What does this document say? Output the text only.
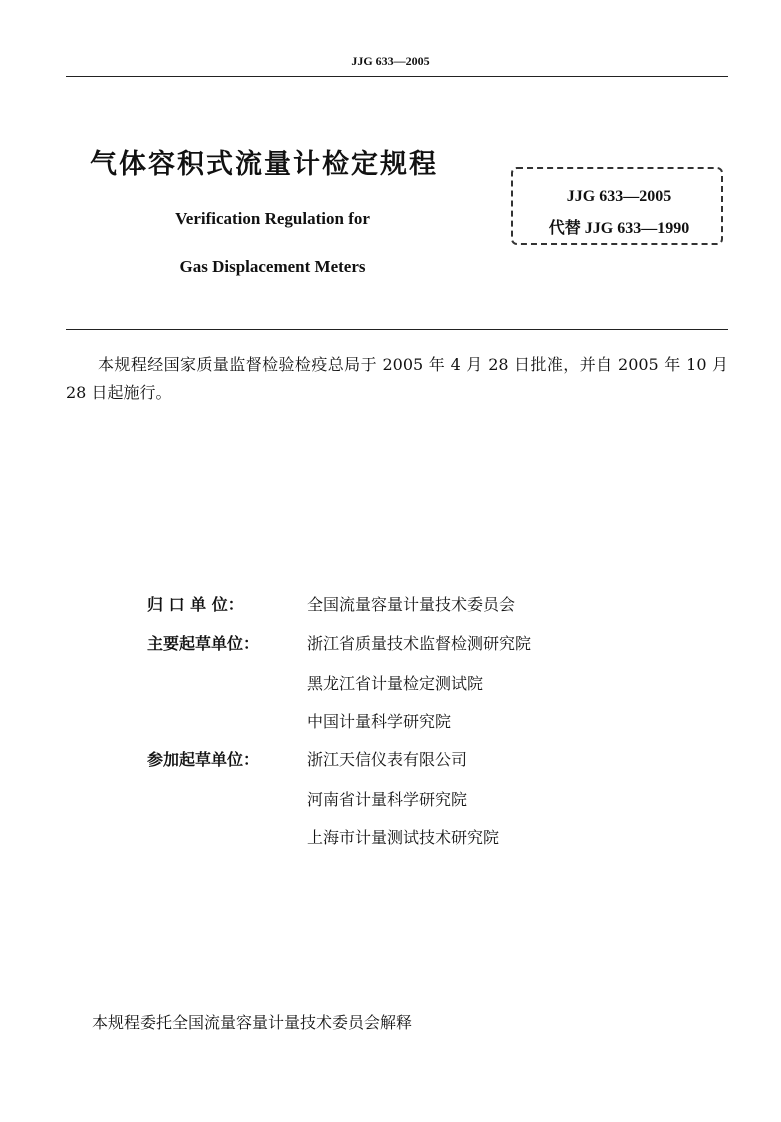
JJG 633—2005
气体容积式流量计检定规程
Verification Regulation for
Gas Displacement Meters
JJG 633—2005
代替 JJG 633—1990
本规程经国家质量监督检验检疫总局于 2005 年 4 月 28 日批准，并自 2005 年 10 月 28 日起施行。
归 口 单 位：	全国流量容量计量技术委员会
主要起草单位：	浙江省质量技术监督检测研究院
黑龙江省计量检定测试院
中国计量科学研究院
参加起草单位：	浙江天信仪表有限公司
河南省计量科学研究院
上海市计量测试技术研究院
本规程委托全国流量容量计量技术委员会解释
